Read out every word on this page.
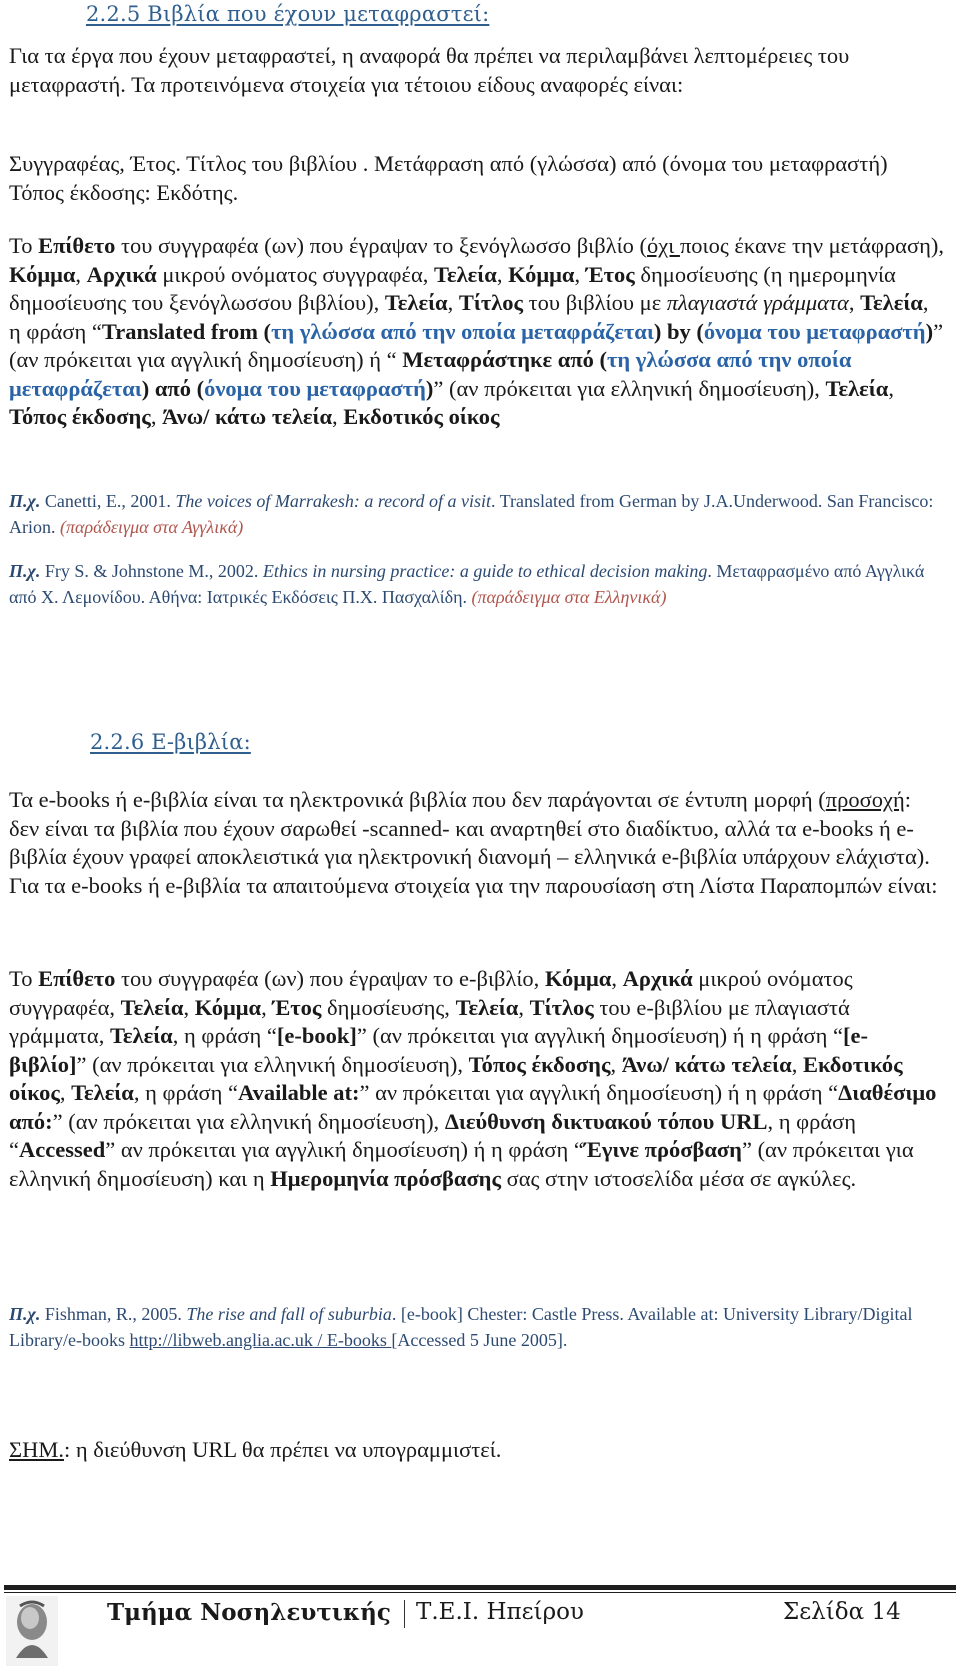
2.2.5 Βιβλία που έχουν μεταφραστεί:

Για τα έργα που έχουν μεταφραστεί, η αναφορά θα πρέπει να περιλαμβάνει λεπτομέρειες του μεταφραστή. Τα προτεινόμενα στοιχεία για τέτοιου είδους αναφορές είναι:

Συγγραφέας, Έτος. Τίτλος του βιβλίου . Μετάφραση από (γλώσσα) από (όνομα του μεταφραστή) Τόπος έκδοσης: Εκδότης.

Το Επίθετο του συγγραφέα (ων) που έγραψαν το ξενόγλωσσο βιβλίο (όχι ποιος έκανε την μετάφραση), Κόμμα, Αρχικά μικρού ονόματος συγγραφέα, Τελεία, Κόμμα, Έτος δημοσίευσης (η ημερομηνία δημοσίευσης του ξενόγλωσσου βιβλίου), Τελεία, Τίτλος του βιβλίου με πλαγιαστά γράμματα, Τελεία, η φράση “Translated from (τη γλώσσα από την οποία μεταφράζεται) by (όνομα του μεταφραστή)” (αν πρόκειται για αγγλική δημοσίευση) ή “ Μεταφράστηκε από (τη γλώσσα από την οποία μεταφράζεται) από (όνομα του μεταφραστή)” (αν πρόκειται για ελληνική δημοσίευση), Τελεία, Τόπος έκδοσης, Άνω/ κάτω τελεία, Εκδοτικός οίκος

Π.χ. Canetti, E., 2001. The voices of Marrakesh: a record of a visit. Translated from German by J.A.Underwood. San Francisco: Arion. (παράδειγμα στα Αγγλικά)

Π.χ. Fry S. & Johnstone M., 2002. Ethics in nursing practice: a guide to ethical decision making. Μεταφρασμένο από Αγγλικά από Χ. Λεμονίδου. Αθήνα: Ιατρικές Εκδόσεις Π.Χ. Πασχαλίδη. (παράδειγμα στα Ελληνικά)

2.2.6 Ε-βιβλία:

Τα e-books ή e-βιβλία είναι τα ηλεκτρονικά βιβλία που δεν παράγονται σε έντυπη μορφή (προσοχή: δεν είναι τα βιβλία που έχουν σαρωθεί -scanned- και αναρτηθεί στο διαδίκτυο, αλλά τα e-books ή e-βιβλία έχουν γραφεί αποκλειστικά για ηλεκτρονική διανομή – ελληνικά e-βιβλία υπάρχουν ελάχιστα). Για τα e-books ή e-βιβλία τα απαιτούμενα στοιχεία για την παρουσίαση στη Λίστα Παραπομπών είναι:

Το Επίθετο του συγγραφέα (ων) που έγραψαν το e-βιβλίο, Κόμμα, Αρχικά μικρού ονόματος συγγραφέα, Τελεία, Κόμμα, Έτος δημοσίευσης, Τελεία, Τίτλος του e-βιβλίου με πλαγιαστά γράμματα, Τελεία, η φράση “[e-book]” (αν πρόκειται για αγγλική δημοσίευση) ή η φράση “[e-βιβλίο]” (αν πρόκειται για ελληνική δημοσίευση), Τόπος έκδοσης, Άνω/ κάτω τελεία, Εκδοτικός οίκος, Τελεία, η φράση “Available at:” αν πρόκειται για αγγλική δημοσίευση) ή η φράση “Διαθέσιμο από:” (αν πρόκειται για ελληνική δημοσίευση), Διεύθυνση δικτυακού τόπου URL, η φράση “Accessed” αν πρόκειται για αγγλική δημοσίευση) ή η φράση “Έγινε πρόσβαση” (αν πρόκειται για ελληνική δημοσίευση) και η Ημερομηνία πρόσβασης σας στην ιστοσελίδα μέσα σε αγκύλες.

Π.χ. Fishman, R., 2005. The rise and fall of suburbia. [e-book] Chester: Castle Press. Available at: University Library/Digital Library/e-books http://libweb.anglia.ac.uk / E-books [Accessed 5 June 2005].

ΣΗΜ.: η διεύθυνση URL θα πρέπει να υπογραμμιστεί.

Τμήμα Νοσηλευτικής Τ.Ε.Ι. Ηπείρου	Σελίδα 14
